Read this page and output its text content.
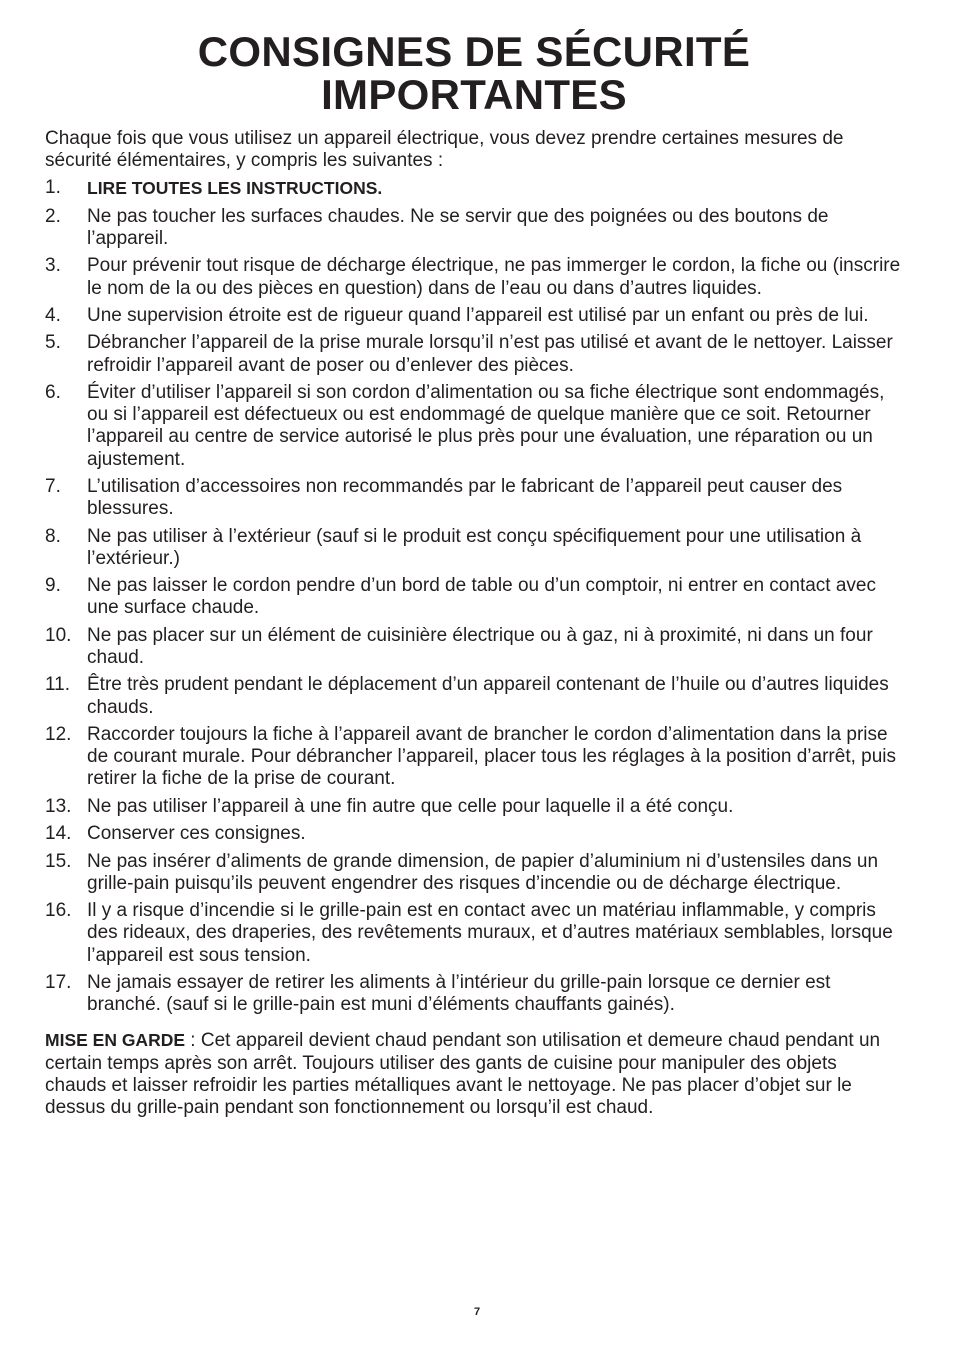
CONSIGNES DE SÉCURITÉ
IMPORTANTES

Chaque fois que vous utilisez un appareil électrique, vous devez prendre certaines mesures de sécurité élémentaires, y compris les suivantes :

1. LIRE TOUTES LES INSTRUCTIONS.
2. Ne pas toucher les surfaces chaudes. Ne se servir que des poignées ou des boutons de l’appareil.
3. Pour prévenir tout risque de décharge électrique, ne pas immerger le cordon, la fiche ou (inscrire le nom de la ou des pièces en question) dans de l’eau ou dans d’autres liquides.
4. Une supervision étroite est de rigueur quand l’appareil est utilisé par un enfant ou près de lui.
5. Débrancher l’appareil de la prise murale lorsqu’il n’est pas utilisé et avant de le nettoyer. Laisser refroidir l’appareil avant de poser ou d’enlever des pièces.
6. Éviter d’utiliser l’appareil si son cordon d’alimentation ou sa fiche électrique sont endommagés, ou si l’appareil est défectueux ou est endommagé de quelque manière que ce soit. Retourner l’appareil au centre de service autorisé le plus près pour une évaluation, une réparation ou un ajustement.
7. L’utilisation d’accessoires non recommandés par le fabricant de l’appareil peut causer des blessures.
8. Ne pas utiliser à l’extérieur (sauf si le produit est conçu spécifiquement pour une utilisation à l’extérieur.)
9. Ne pas laisser le cordon pendre d’un bord de table ou d’un comptoir, ni entrer en contact avec une surface chaude.
10. Ne pas placer sur un élément de cuisinière électrique ou à gaz, ni à proximité, ni dans un four chaud.
11. Être très prudent pendant le déplacement d’un appareil contenant de l’huile ou d’autres liquides chauds.
12. Raccorder toujours la fiche à l’appareil avant de brancher le cordon d’alimentation dans la prise de courant murale. Pour débrancher l’appareil, placer tous les réglages à la position d’arrêt, puis retirer la fiche de la prise de courant.
13. Ne pas utiliser l’appareil à une fin autre que celle pour laquelle il a été conçu.
14. Conserver ces consignes.
15. Ne pas insérer d’aliments de grande dimension, de papier d’aluminium ni d’ustensiles dans un grille-pain puisqu’ils peuvent engendrer des risques d’incendie ou de décharge électrique.
16. Il y a risque d’incendie si le grille-pain est en contact avec un matériau inflammable, y compris des rideaux, des draperies, des revêtements muraux, et d’autres matériaux semblables, lorsque l’appareil est sous tension.
17. Ne jamais essayer de retirer les aliments à l’intérieur du grille-pain lorsque ce dernier est branché. (sauf si le grille-pain est muni d’éléments chauffants gainés).

MISE EN GARDE : Cet appareil devient chaud pendant son utilisation et demeure chaud pendant un certain temps après son arrêt. Toujours utiliser des gants de cuisine pour manipuler des objets chauds et laisser refroidir les parties métalliques avant le nettoyage. Ne pas placer d’objet sur le dessus du grille-pain pendant son fonctionnement ou lorsqu’il est chaud.

7
